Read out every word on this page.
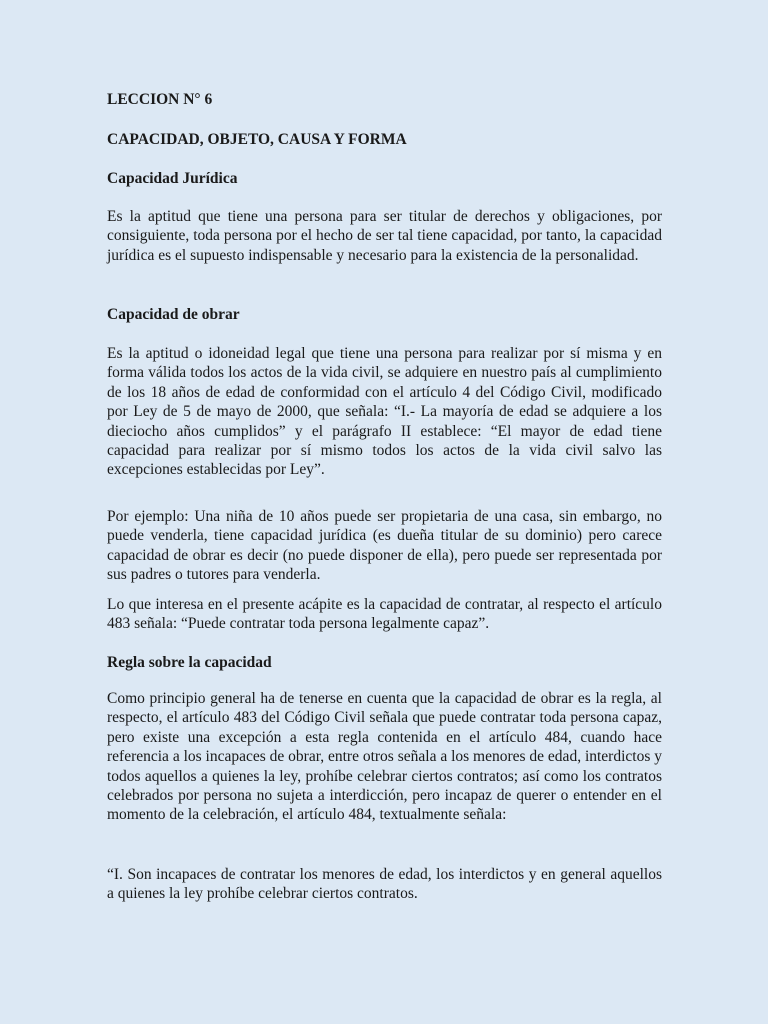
LECCION N° 6
CAPACIDAD, OBJETO, CAUSA Y FORMA
Capacidad Jurídica

Es la aptitud que tiene una persona para ser titular de derechos y obligaciones, por consiguiente, toda persona por el hecho de ser tal tiene capacidad, por tanto, la capacidad jurídica es el supuesto indispensable y necesario para la existencia de la personalidad.

Capacidad de obrar

Es la aptitud o idoneidad legal que tiene una persona para realizar por sí misma y en forma válida todos los actos de la vida civil, se adquiere en nuestro país al cumplimiento de los 18 años de edad de conformidad con el artículo 4 del Código Civil, modificado por Ley de 5 de mayo de 2000, que señala: “I.- La mayoría de edad se adquiere a los dieciocho años cumplidos” y el parágrafo II establece: “El mayor de edad tiene capacidad para realizar por sí mismo todos los actos de la vida civil salvo las excepciones establecidas por Ley”.

Por ejemplo: Una niña de 10 años puede ser propietaria de una casa, sin embargo, no puede venderla, tiene capacidad jurídica (es dueña titular de su dominio) pero carece capacidad de obrar es decir (no puede disponer de ella), pero puede ser representada por sus padres o tutores para venderla.

Lo que interesa en el presente acápite es la capacidad de contratar, al respecto el artículo 483 señala: “Puede contratar toda persona legalmente capaz”.

Regla sobre la capacidad

Como principio general ha de tenerse en cuenta que la capacidad de obrar es la regla, al respecto, el artículo 483 del Código Civil señala que puede contratar toda persona capaz, pero existe una excepción a esta regla contenida en el artículo 484, cuando hace referencia a los incapaces de obrar, entre otros señala a los menores de edad, interdictos y todos aquellos a quienes la ley, prohíbe celebrar ciertos contratos; así como los contratos celebrados por persona no sujeta a interdicción, pero incapaz de querer o entender en el momento de la celebración, el artículo 484, textualmente señala:

“I. Son incapaces de contratar los menores de edad, los interdictos y en general aquellos a quienes la ley prohíbe celebrar ciertos contratos.
